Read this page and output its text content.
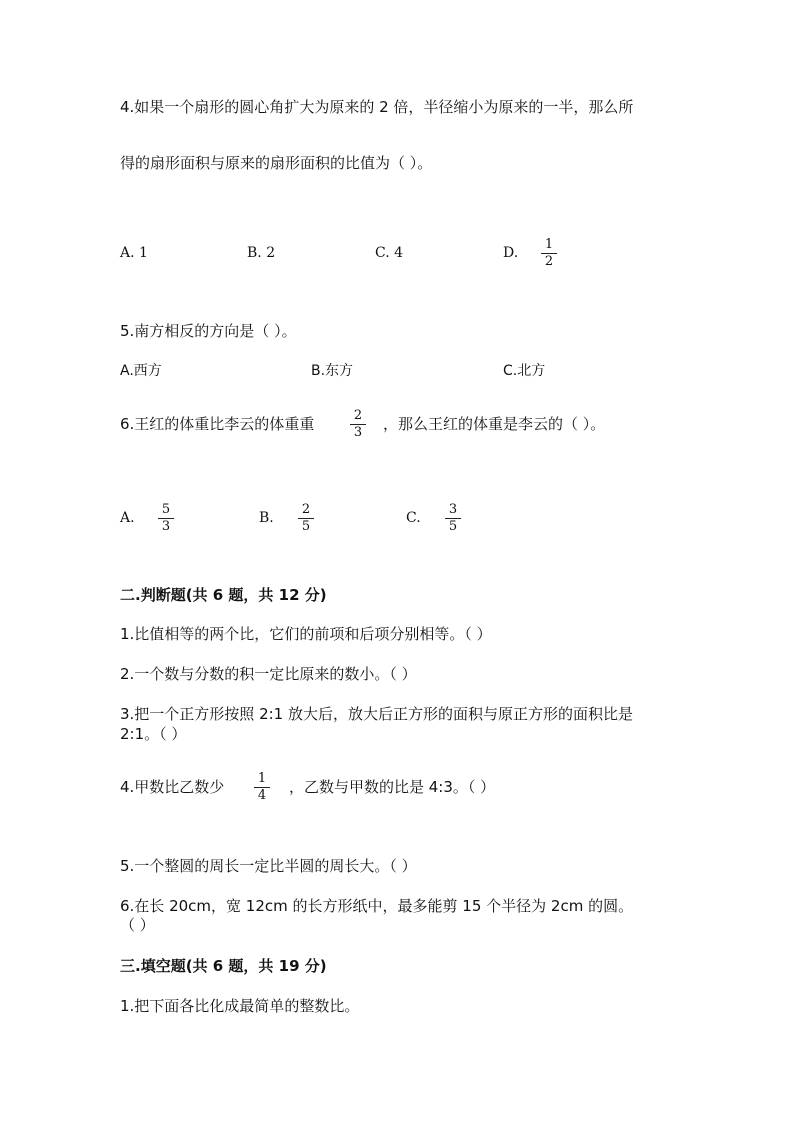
4.如果一个扇形的圆心角扩大为原来的 2 倍，半径缩小为原来的一半，那么所
得的扇形面积与原来的扇形面积的比值为（ ）。
A. 1	B. 2	C. 4	D.
1
2
5.南方相反的方向是（ ）。
A.西方	B.东方	C.北方
6.王红的体重比李云的体重重	2
3	，那么王红的体重是李云的（ ）。
A.
5
3
B.
2
5
C.
3
5
二.判断题(共 6 题，共 12 分)
1.比值相等的两个比，它们的前项和后项分别相等。（ ）
2.一个数与分数的积一定比原来的数小。（ ）
3.把一个正方形按照 2:1 放大后，放大后正方形的面积与原正方形的面积比是
2:1。（ ）
4.甲数比乙数少	1
4	，乙数与甲数的比是 4:3。（ ）
5.一个整圆的周长一定比半圆的周长大。（ ）
6.在长 20cm，宽 12cm 的长方形纸中，最多能剪 15 个半径为 2cm 的圆。
（ ）
三.填空题(共 6 题，共 19 分)
1.把下面各比化成最简单的整数比。
